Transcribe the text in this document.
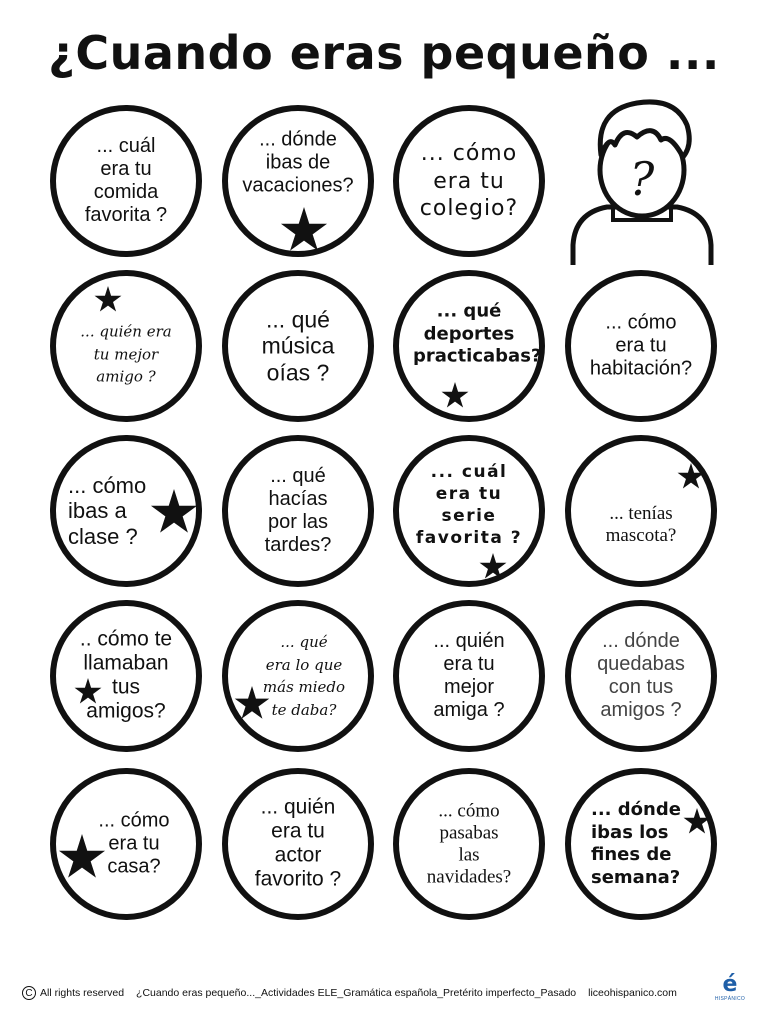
¿Cuando eras pequeño ...
... cuál
era tu
comida
favorita ?
... dónde
ibas de
vacaciones?
... cómo
era tu
colegio?
?
... quién era
tu mejor
amigo ?
... qué
música
oías ?
... qué
deportes
practicabas?
... cómo
era tu
habitación?
... cómo
ibas a
clase ?
... qué
hacías
por las
tardes?
... cuál
era tu
serie
favorita ?
... tenías
mascota?
.. cómo te
llamaban
tus
amigos?
... qué
era lo que
más miedo
te daba?
... quién
era tu
mejor
amiga ?
... dónde
quedabas
con tus
amigos ?
... cómo
era tu
casa?
... quién
era tu
actor
favorito ?
... cómo
pasabas
las
navidades?
... dónde
ibas los
fines de
semana?
C All rights reserved ¿Cuando eras pequeño..._Actividades ELE_Gramática española_Pretérito imperfecto_Pasado liceohispanico.com	é
HISPÁNICO
